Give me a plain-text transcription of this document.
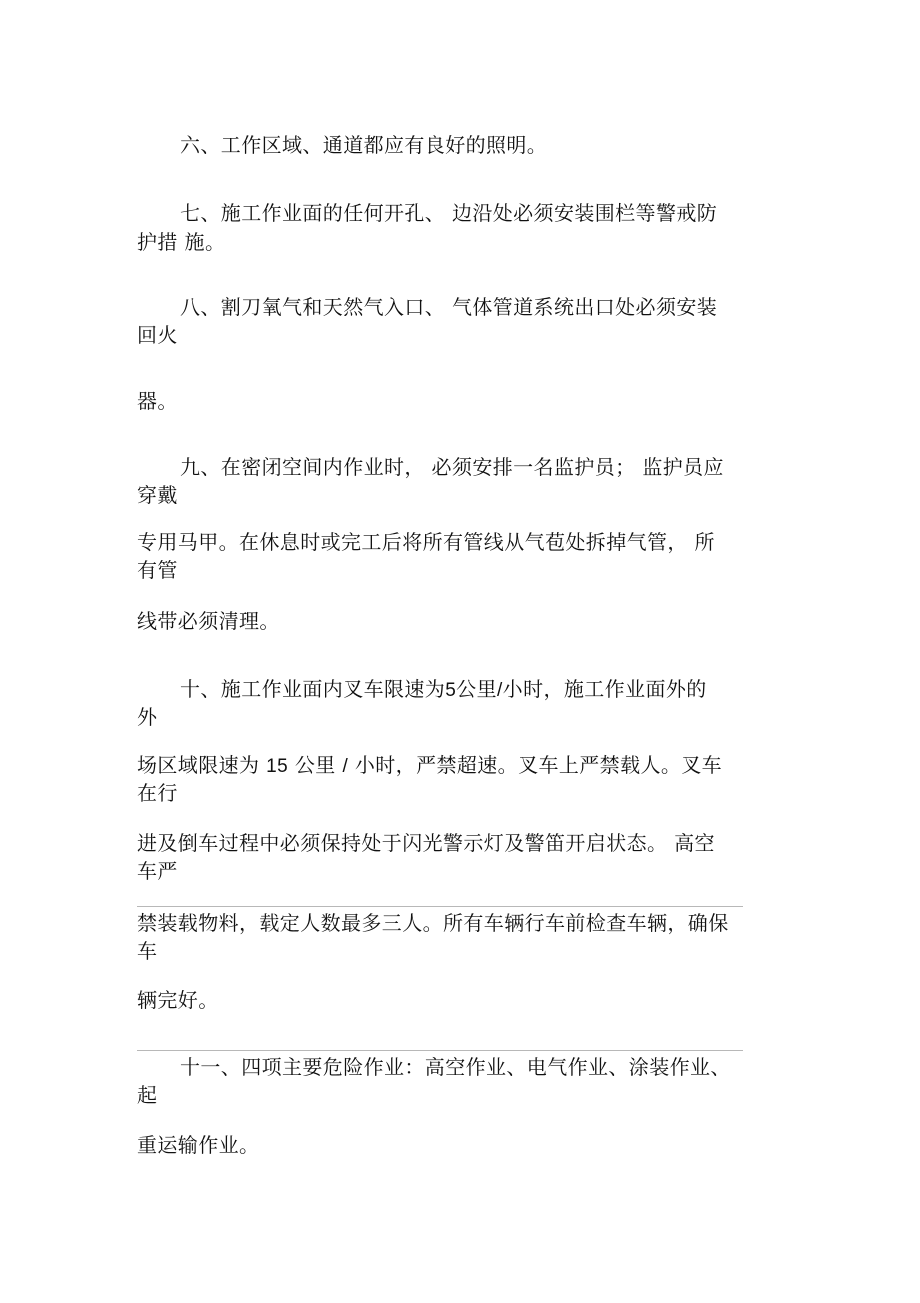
六、工作区域、通道都应有良好的照明。
七、施工作业面的任何开孔、 边沿处必须安装围栏等警戒防
护措 施。
八、割刀氧气和天然气入口、 气体管道系统出口处必须安装
回火
器。
九、在密闭空间内作业时， 必须安排一名监护员； 监护员应
穿戴
专用马甲。在休息时或完工后将所有管线从气苞处拆掉气管， 所
有管
线带必须清理。
十、施工作业面内叉车限速为5公里/小时，施工作业面外的
外
场区域限速为 15 公里 / 小时，严禁超速。叉车上严禁载人。叉车
在行
进及倒车过程中必须保持处于闪光警示灯及警笛开启状态。 高空
车严
禁装载物料，载定人数最多三人。所有车辆行车前检查车辆，确保
车
辆完好。
十一、四项主要危险作业：高空作业、电气作业、涂装作业、
起
重运输作业。
